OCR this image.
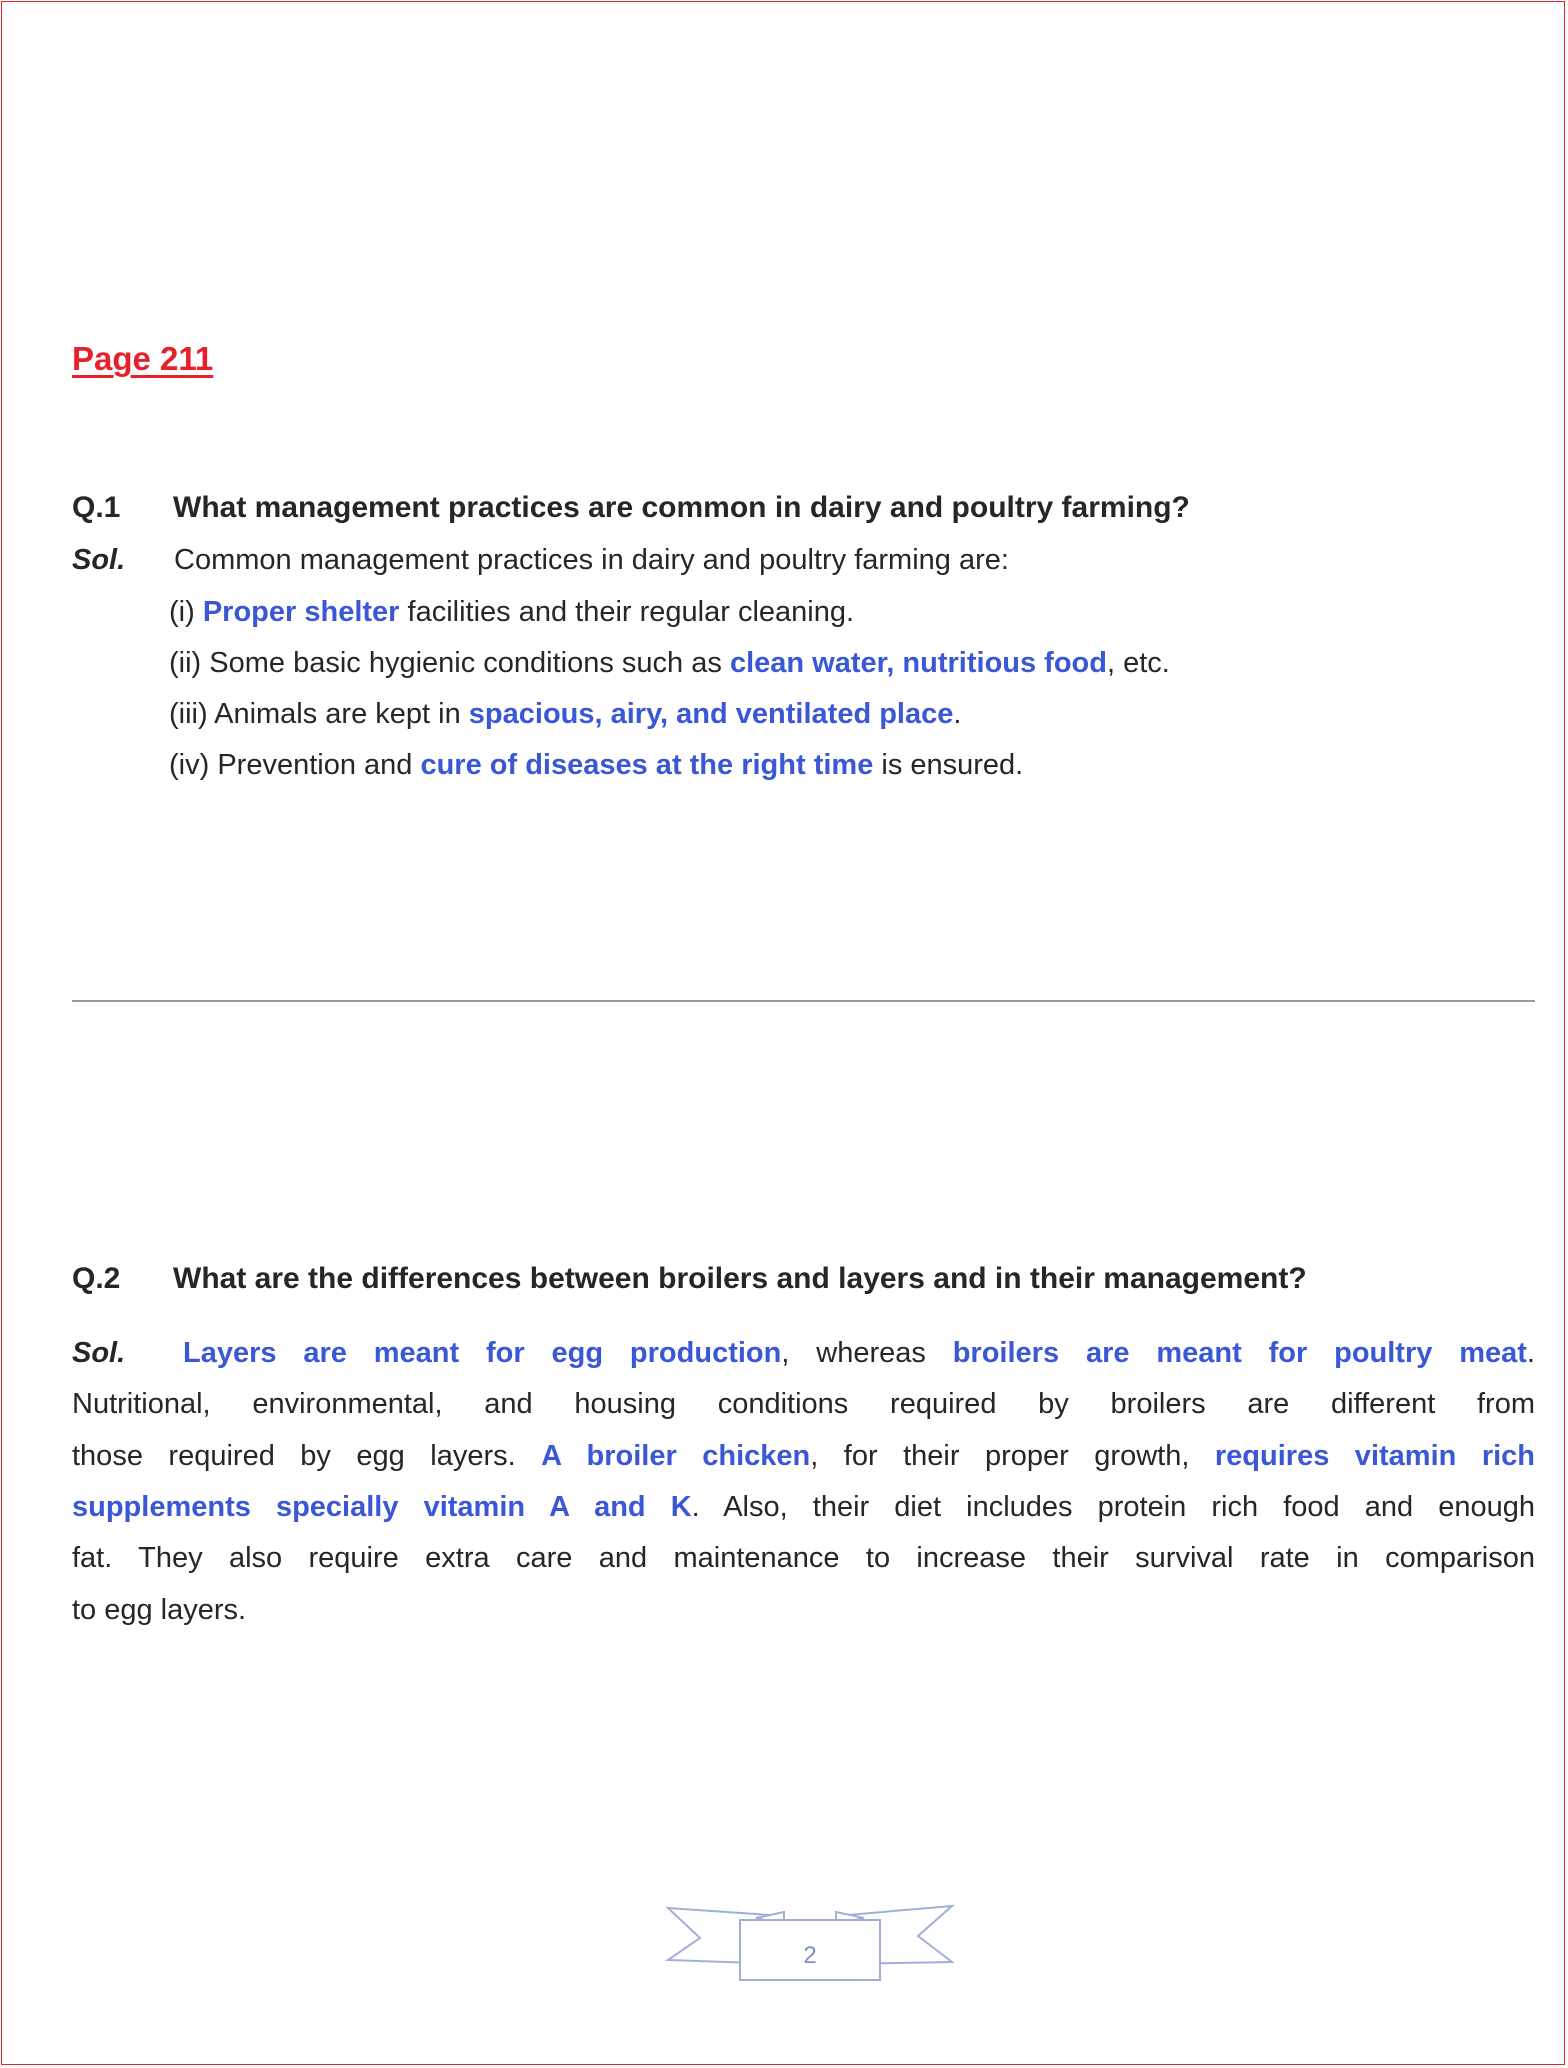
Page 211
Q.1 What management practices are common in dairy and poultry farming?
Sol. Common management practices in dairy and poultry farming are:
(i) Proper shelter facilities and their regular cleaning.
(ii) Some basic hygienic conditions such as clean water, nutritious food, etc.
(iii) Animals are kept in spacious, airy, and ventilated place.
(iv) Prevention and cure of diseases at the right time is ensured.
Q.2 What are the differences between broilers and layers and in their management?
Sol. Layers are meant for egg production, whereas broilers are meant for poultry meat.
Nutritional, environmental, and housing conditions required by broilers are different from
those required by egg layers. A broiler chicken, for their proper growth, requires vitamin rich
supplements specially vitamin A and K. Also, their diet includes protein rich food and enough
fat. They also require extra care and maintenance to increase their survival rate in comparison
to egg layers.
2
